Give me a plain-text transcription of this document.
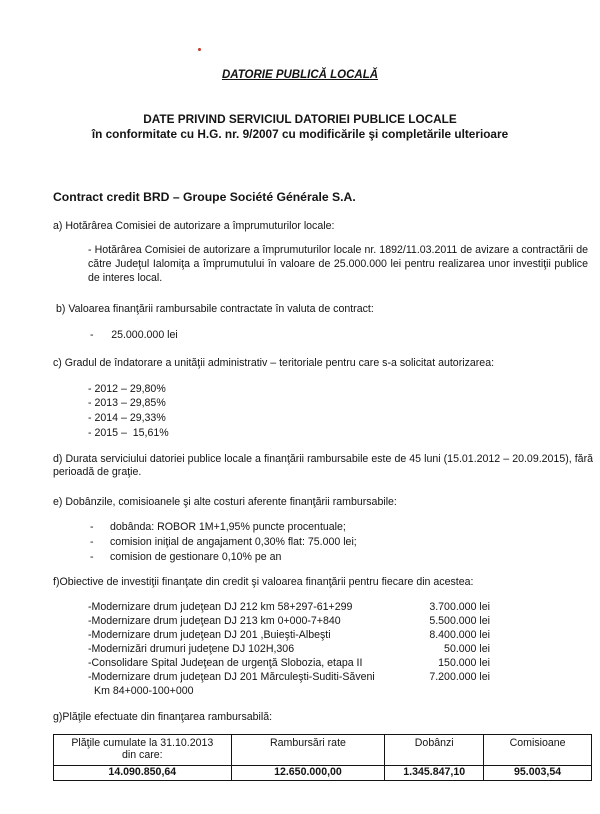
DATORIE PUBLICĂ LOCALĂ
DATE PRIVIND SERVICIUL DATORIEI PUBLICE LOCALE
în conformitate cu H.G. nr. 9/2007 cu modificările şi completările ulterioare
Contract credit BRD – Groupe Société Générale S.A.
a) Hotărârea Comisiei de autorizare a împrumuturilor locale:
- Hotărârea Comisiei de autorizare a împrumuturilor locale nr. 1892/11.03.2011 de avizare a contractării de către Judeţul Ialomiţa a împrumutului în valoare de 25.000.000 lei pentru realizarea unor investiţii publice de interes local.
b) Valoarea finanţării rambursabile contractate în valuta de contract:
-      25.000.000 lei
c) Gradul de îndatorare a unităţii administrativ – teritoriale pentru care s-a solicitat autorizarea:
- 2012 – 29,80%
- 2013 – 29,85%
- 2014 – 29,33%
- 2015 –  15,61%
d) Durata serviciului datoriei publice locale a finanţării rambursabile este de 45 luni (15.01.2012 – 20.09.2015), fără perioadă de graţie.
e) Dobânzile, comisioanele şi alte costuri aferente finanţării rambursabile:
- dobânda: ROBOR 1M+1,95% puncte procentuale;
- comision iniţial de angajament 0,30% flat: 75.000 lei;
- comision de gestionare 0,10% pe an
f)Obiective de investiţii finanţate din credit şi valoarea finanţării pentru fiecare din acestea:
-Modernizare drum judeţean DJ 212 km 58+297-61+299	3.700.000 lei
-Modernizare drum judeţean DJ 213 km 0+000-7+840	5.500.000 lei
-Modernizare drum judeţean DJ 201 ,Buieşti-Albeşti	8.400.000 lei
-Modernizări drumuri judeţene DJ 102H,306	50.000 lei
-Consolidare Spital Judeţean de urgenţă Slobozia, etapa II	150.000 lei
-Modernizare drum judeţean DJ 201 Mărculeşti-Suditi-Săveni	7.200.000 lei
Km 84+000-100+000
g)Plăţile efectuate din finanţarea rambursabilă:
Plăţile cumulate la 31.10.2013
din care:	Rambursări rate	Dobânzi	Comisioane
14.090.850,64	12.650.000,00	1.345.847,10	95.003,54
